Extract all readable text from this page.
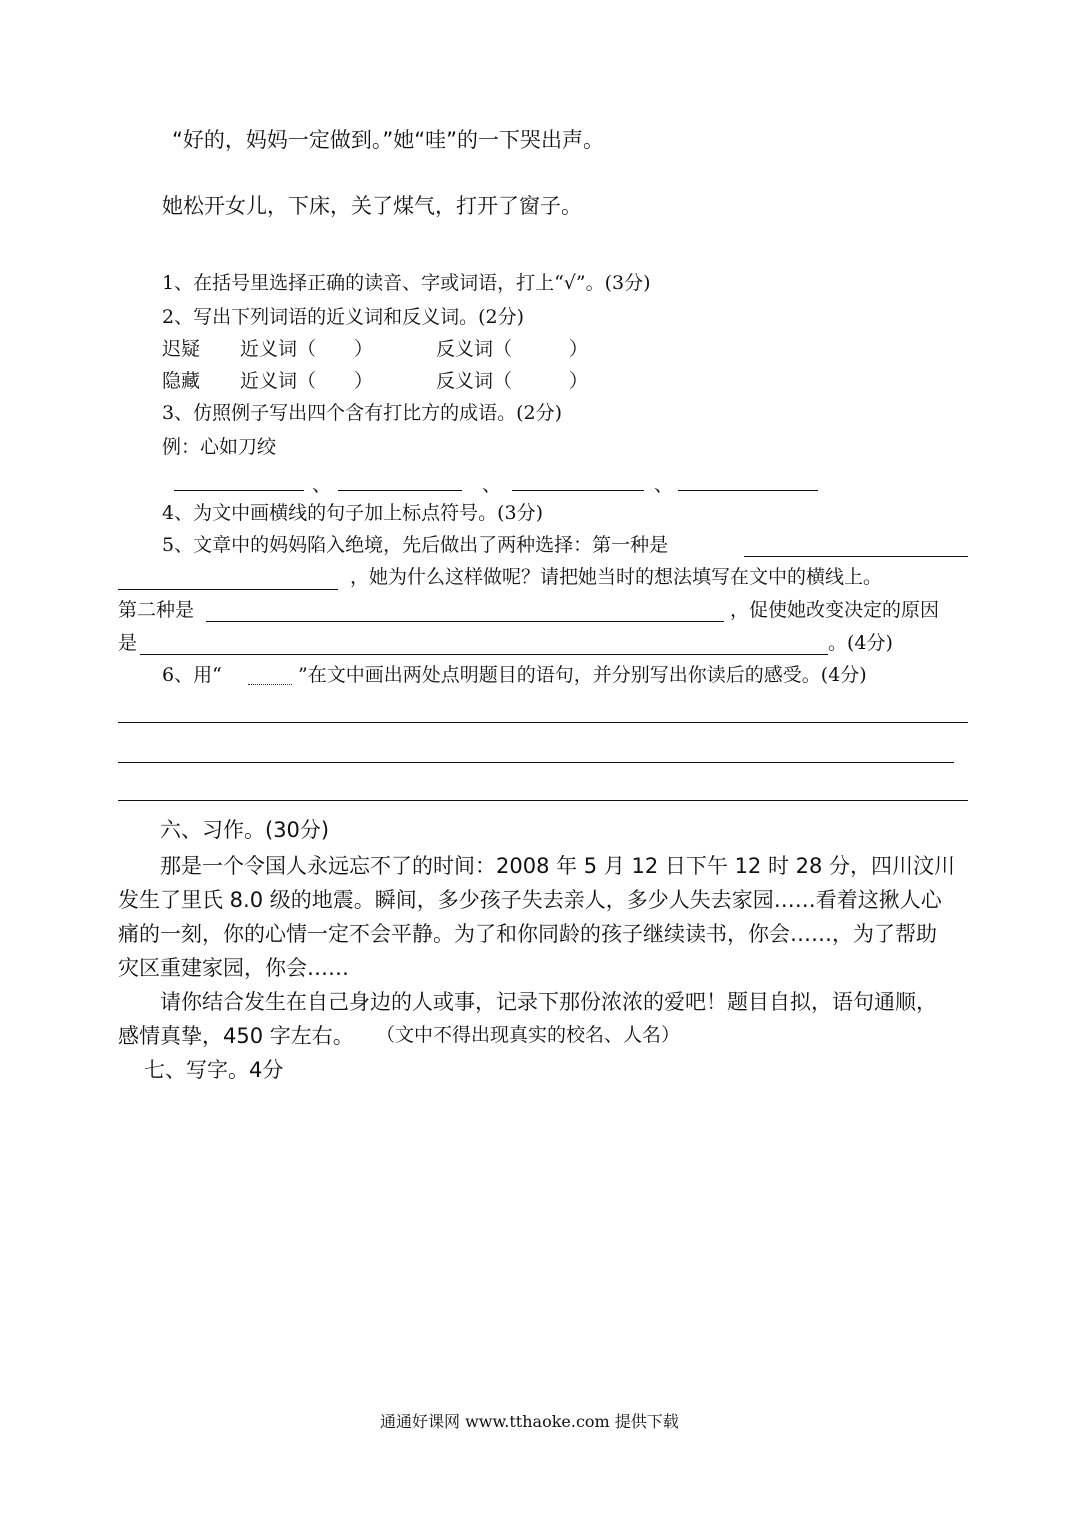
“好的，妈妈一定做到。”她“哇”的一下哭出声。
她松开女儿，下床，关了煤气，打开了窗子。
1、在括号里选择正确的读音、字或词语，打上“√”。(3分)
2、写出下列词语的近义词和反义词。(2分)
迟疑 近义词（　　）	反义词（　　　）
隐藏 近义词（　　）	反义词（　　　）
3、仿照例子写出四个含有打比方的成语。(2分)
例：心如刀绞
、	、	、
4、为文中画横线的句子加上标点符号。(3分)
5、文章中的妈妈陷入绝境，先后做出了两种选择：第一种是
，她为什么这样做呢？请把她当时的想法填写在文中的横线上。
第二种是	，促使她改变决定的原因
是	。(4分)
6、用“	”在文中画出两处点明题目的语句，并分别写出你读后的感受。(4分)
六、习作。(30分)
那是一个令国人永远忘不了的时间：2008 年 5 月 12 日下午 12 时 28 分，四川汶川
发生了里氏 8.0 级的地震。瞬间，多少孩子失去亲人，多少人失去家园……看着这揪人心
痛的一刻，你的心情一定不会平静。为了和你同龄的孩子继续读书，你会……，为了帮助
灾区重建家园，你会……
请你结合发生在自己身边的人或事，记录下那份浓浓的爱吧！题目自拟，语句通顺，
感情真挚，450 字左右。 （文中不得出现真实的校名、人名）
七、写字。4分
通通好课网 www.tthaoke.com 提供下载
